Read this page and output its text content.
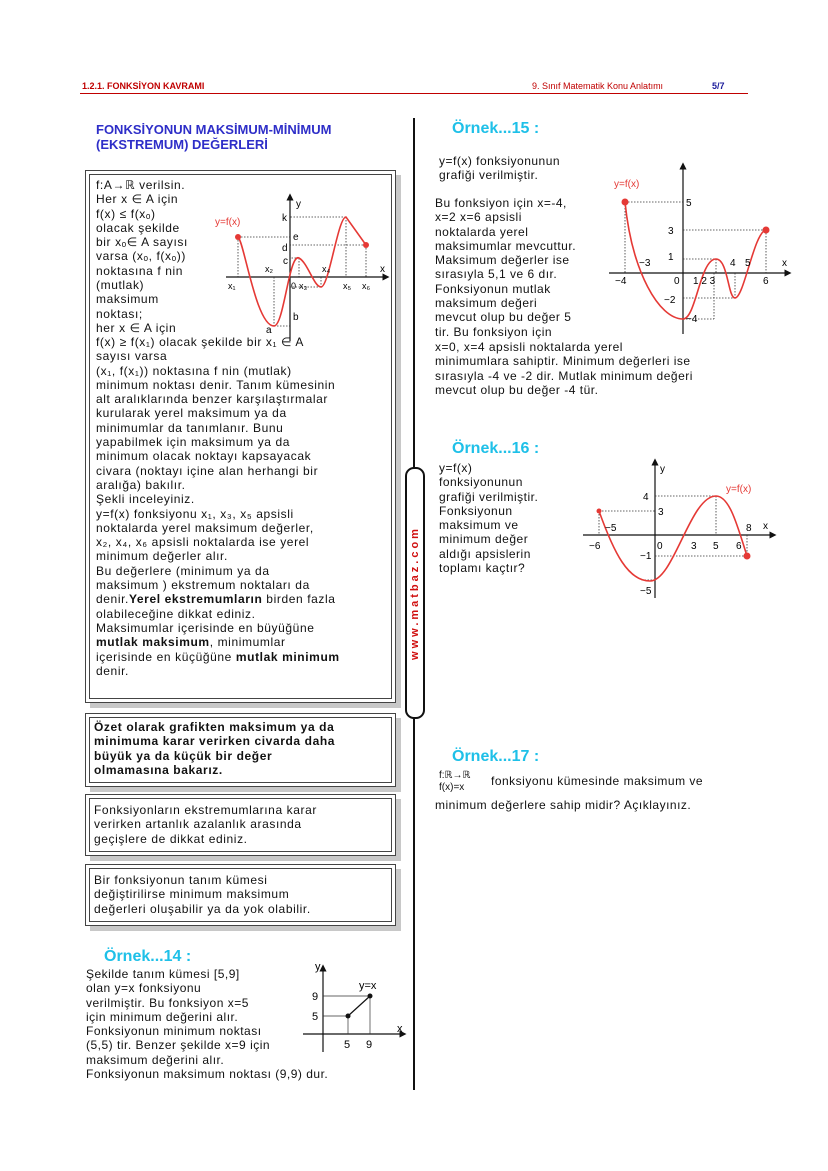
1.2.1. FONKSİYON KAVRAMI	9. Sınıf Matematik Konu Anlatımı	5/7
www.matbaz.com
FONKSİYONUN MAKSİMUM-MİNİMUM
(EKSTREMUM) DEĞERLERİ

f:A→ℝ verilsin.
Her x ∈ A için
f(x) ≤ f(xₒ)
olacak şekilde
bir xₒ∈ A sayısı
varsa (xₒ, f(xₒ))
noktasına f nin
(mutlak)
maksimum
noktası;
her x ∈ A için

f(x) ≥ f(x₁) olacak şekilde bir x₁ ∈ A
sayısı varsa
(x₁, f(x₁)) noktasına f nin (mutlak)
minimum noktası denir. Tanım kümesinin
alt aralıklarında benzer karşılaştırmalar
kurularak yerel maksimum ya da
minimumlar da tanımlanır. Bunu
yapabilmek için maksimum ya da
minimum olacak noktayı kapsayacak
civara (noktayı içine alan herhangi bir
aralığa) bakılır.
Şekli inceleyiniz.
y=f(x) fonksiyonu x₁, x₃, x₅ apsisli
noktalarda yerel maksimum değerler,
x₂, x₄, x₆ apsisli noktalarda ise yerel
minimum değerler alır.
Bu değerlere (minimum ya da
maksimum ) ekstremum noktaları da
denir.Yerel ekstremumların birden fazla
olabileceğine dikkat ediniz.
Maksimumlar içerisinde en büyüğüne
mutlak maksimum, minimumlar
içerisinde en küçüğüne mutlak minimum
denir.

y=f(x)
y
x
k
e
d
c
a
b
x₁
x₂
0 x₃
x₄
x₅ x₆

Özet olarak grafikten maksimum ya da
minimuma karar verirken civarda daha
büyük ya da küçük bir değer
olmamasına bakarız.

Fonksiyonların ekstremumlarına karar
verirken artanlık azalanlık arasında
geçişlere de dikkat ediniz.

Bir fonksiyonun tanım kümesi
değiştirilirse minimum maksimum
değerleri oluşabilir ya da yok olabilir.

Örnek...14 :

Şekilde tanım kümesi [5,9]
olan y=x fonksiyonu
verilmiştir. Bu fonksiyon x=5
için minimum değerini alır.
Fonksiyonun minimum noktası
(5,5) tir. Benzer şekilde x=9 için
maksimum değerini alır.
Fonksiyonun maksimum noktası (9,9) dur.

y
x
y=x
9
5
5 9
Örnek...15 :

y=f(x) fonksiyonunun
grafiği verilmiştir.

Bu fonksiyon için x=-4,
x=2 x=6 apsisli
noktalarda yerel
maksimumlar mevcuttur.
Maksimum değerler ise
sırasıyla 5,1 ve 6 dır.
Fonksiyonun mutlak
maksimum değeri
mevcut olup bu değer 5
tir. Bu fonksiyon için

x=0, x=4 apsisli noktalarda yerel
minimumlara sahiptir. Minimum değerleri ise
sırasıyla -4 ve -2 dir. Mutlak minimum değeri
mevcut olup bu değer -4 tür.

y=f(x)
x
5
3
1
−2
−4
−4
−3
0 1 2 3
4 5
6
Örnek...16 :

y=f(x)
fonksiyonunun
grafiği verilmiştir.
Fonksiyonun
maksimum ve
minimum değer
aldığı apsislerin
toplamı kaçtır?

y
x
y=f(x)
4
3
−1
−5
−5
−6	0	3 5 6
8
Örnek...17 :
f:ℝ→ℝ
f(x)=x	fonksiyonu kümesinde maksimum ve

minimum değerlere sahip midir? Açıklayınız.
